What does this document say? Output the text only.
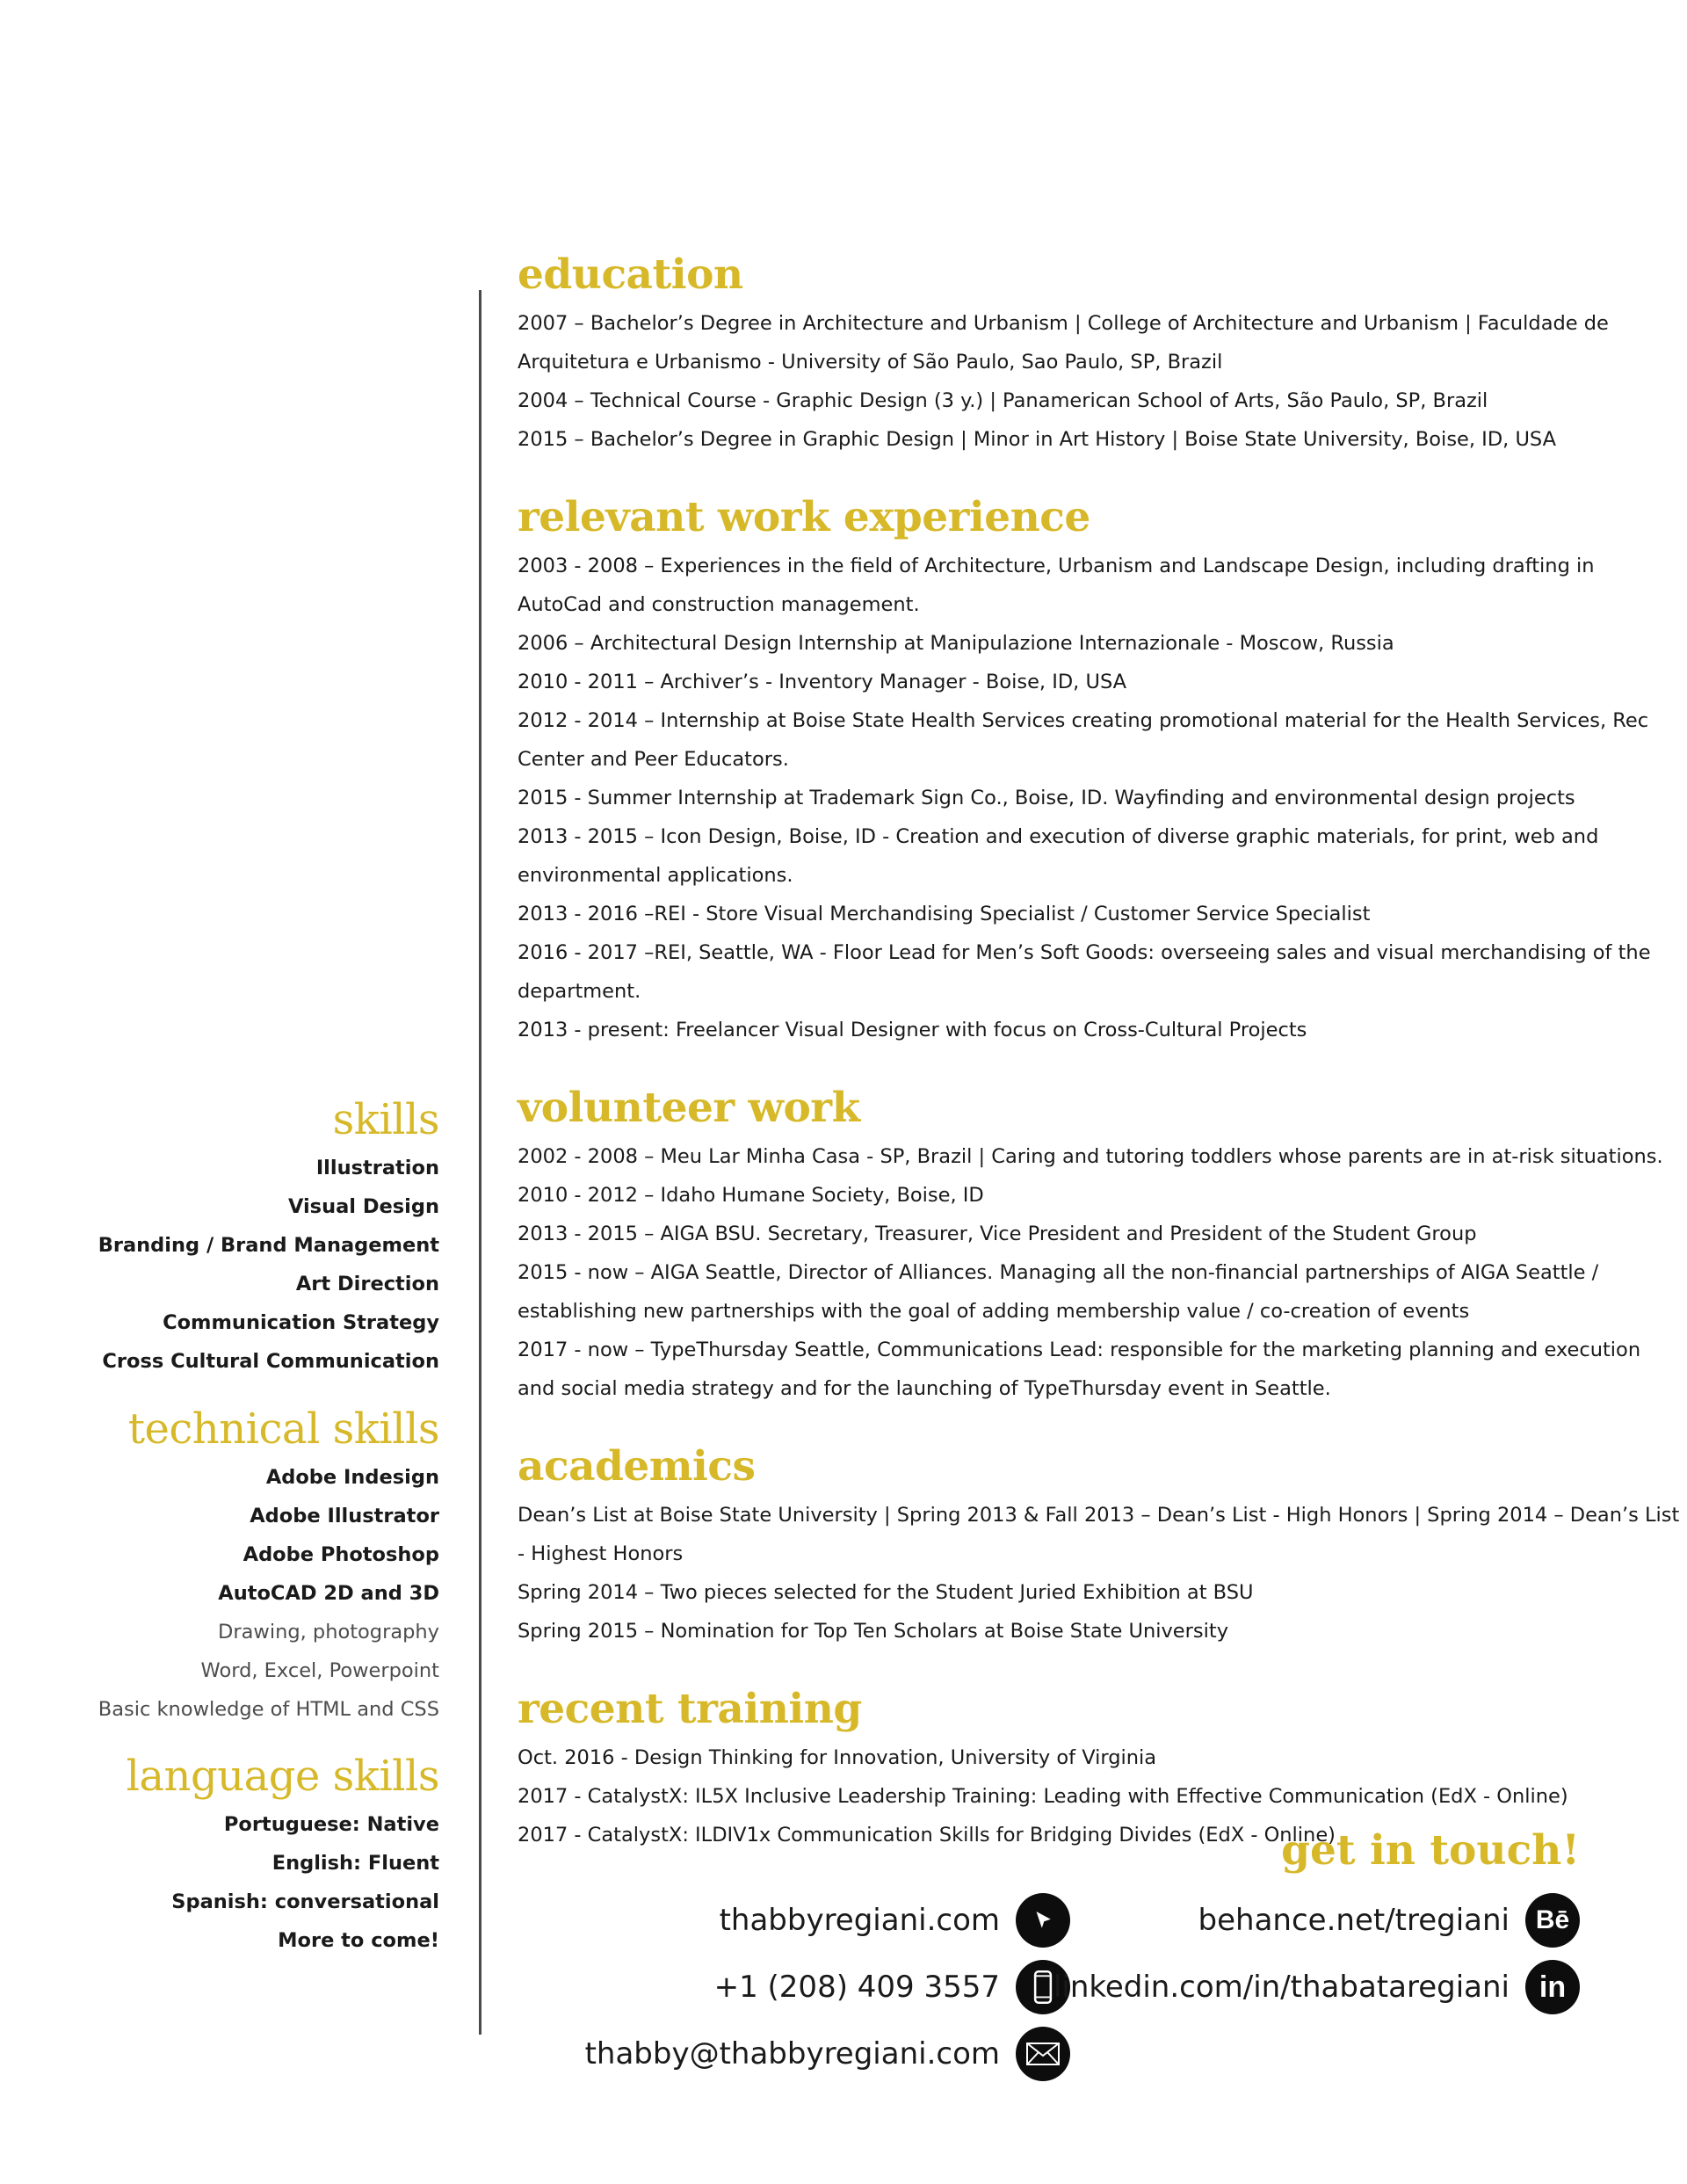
education

2007 – Bachelor’s Degree in Architecture and Urbanism | College of Architecture and Urbanism | Faculdade de

Arquitetura e Urbanismo - University of São Paulo, Sao Paulo, SP, Brazil

2004 – Technical Course - Graphic Design (3 y.) | Panamerican School of Arts, São Paulo, SP, Brazil

2015 – Bachelor’s Degree in Graphic Design | Minor in Art History | Boise State University, Boise, ID, USA

relevant work experience

2003 - 2008 – Experiences in the field of Architecture, Urbanism and Landscape Design, including drafting in

AutoCad and construction management.

2006 – Architectural Design Internship at Manipulazione Internazionale - Moscow, Russia

2010 - 2011 – Archiver’s - Inventory Manager - Boise, ID, USA

2012 - 2014 – Internship at Boise State Health Services creating promotional material for the Health Services, Rec

Center and Peer Educators.

2015 - Summer Internship at Trademark Sign Co., Boise, ID. Wayfinding and environmental design projects

2013 - 2015 – Icon Design, Boise, ID - Creation and execution of diverse graphic materials, for print, web and

environmental applications.

2013 - 2016 –REI - Store Visual Merchandising Specialist / Customer Service Specialist

2016 - 2017 –REI, Seattle, WA - Floor Lead for Men’s Soft Goods: overseeing sales and visual merchandising of the

department.

2013 - present: Freelancer Visual Designer with focus on Cross-Cultural Projects

volunteer work

2002 - 2008 – Meu Lar Minha Casa - SP, Brazil | Caring and tutoring toddlers whose parents are in at-risk situations.

2010 - 2012 – Idaho Humane Society, Boise, ID

2013 - 2015 – AIGA BSU. Secretary, Treasurer, Vice President and President of the Student Group

2015 - now – AIGA Seattle, Director of Alliances. Managing all the non-financial partnerships of AIGA Seattle /

establishing new partnerships with the goal of adding membership value / co-creation of events

2017 - now – TypeThursday Seattle, Communications Lead: responsible for the marketing planning and execution

and social media strategy and for the launching of TypeThursday event in Seattle.

academics

Dean’s List at Boise State University | Spring 2013 & Fall 2013 – Dean’s List - High Honors | Spring 2014 – Dean’s List

- Highest Honors

Spring 2014 – Two pieces selected for the Student Juried Exhibition at BSU

Spring 2015 – Nomination for Top Ten Scholars at Boise State University

recent training

Oct. 2016 - Design Thinking for Innovation, University of Virginia

2017 - CatalystX: IL5X Inclusive Leadership Training: Leading with Effective Communication (EdX - Online)

2017 - CatalystX: ILDIV1x Communication Skills for Bridging Divides (EdX - Online)

skills

Illustration

Visual Design

Branding / Brand Management

Art Direction

Communication Strategy

Cross Cultural Communication

technical skills

Adobe Indesign

Adobe Illustrator

Adobe Photoshop

AutoCAD 2D and 3D

Drawing, photography

Word, Excel, Powerpoint

Basic knowledge of HTML and CSS

language skills

Portuguese: Native

English: Fluent

Spanish: conversational

More to come!

get in touch!
thabbyregiani.com
+1 (208) 409 3557
thabby@thabbyregiani.com
behance.net/tregiani Bē
linkedin.com/in/thabataregiani in
